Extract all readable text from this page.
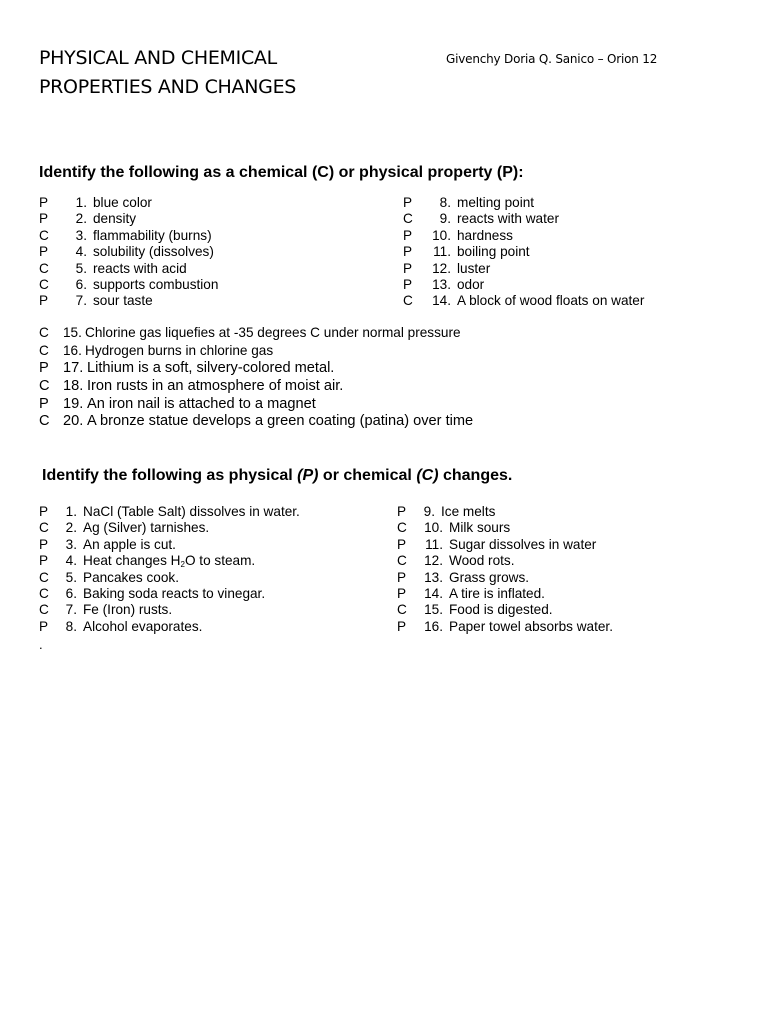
PHYSICAL AND CHEMICAL
PROPERTIES AND CHANGES
Givenchy Doria Q. Sanico – Orion 12
Identify the following as a chemical (C) or physical property (P):
P	1. blue color
P	2. density
C	3. flammability (burns)
P	4. solubility (dissolves)
C	5. reacts with acid
C	6. supports combustion
P	7. sour taste
P	8. melting point
C	9. reacts with water
P	10. hardness
P	11. boiling point
P	12. luster
P	13. odor
C	14. A block of wood floats on water
C	15. Chlorine gas liquefies at -35 degrees C under normal pressure
C	16. Hydrogen burns in chlorine gas
P 17. Lithium is a soft, silvery-colored metal.
C 18. Iron rusts in an atmosphere of moist air.
P 19. An iron nail is attached to a magnet
C 20. A bronze statue develops a green coating (patina) over time
Identify the following as physical (P) or chemical (C) changes.
P	1. NaCl (Table Salt) dissolves in water.
C	2. Ag (Silver) tarnishes.
P	3. An apple is cut.
P	4. Heat changes $H_2O$ to steam.
C	5. Pancakes cook.
C	6. Baking soda reacts to vinegar.
C	7. Fe (Iron) rusts.
P	8. Alcohol evaporates.
P	9. Ice melts
C	10. Milk sours
P	11. Sugar dissolves in water
C	12. Wood rots.
P	13. Grass grows.
P	14. A tire is inflated.
C	15. Food is digested.
P	16. Paper towel absorbs water.
.
